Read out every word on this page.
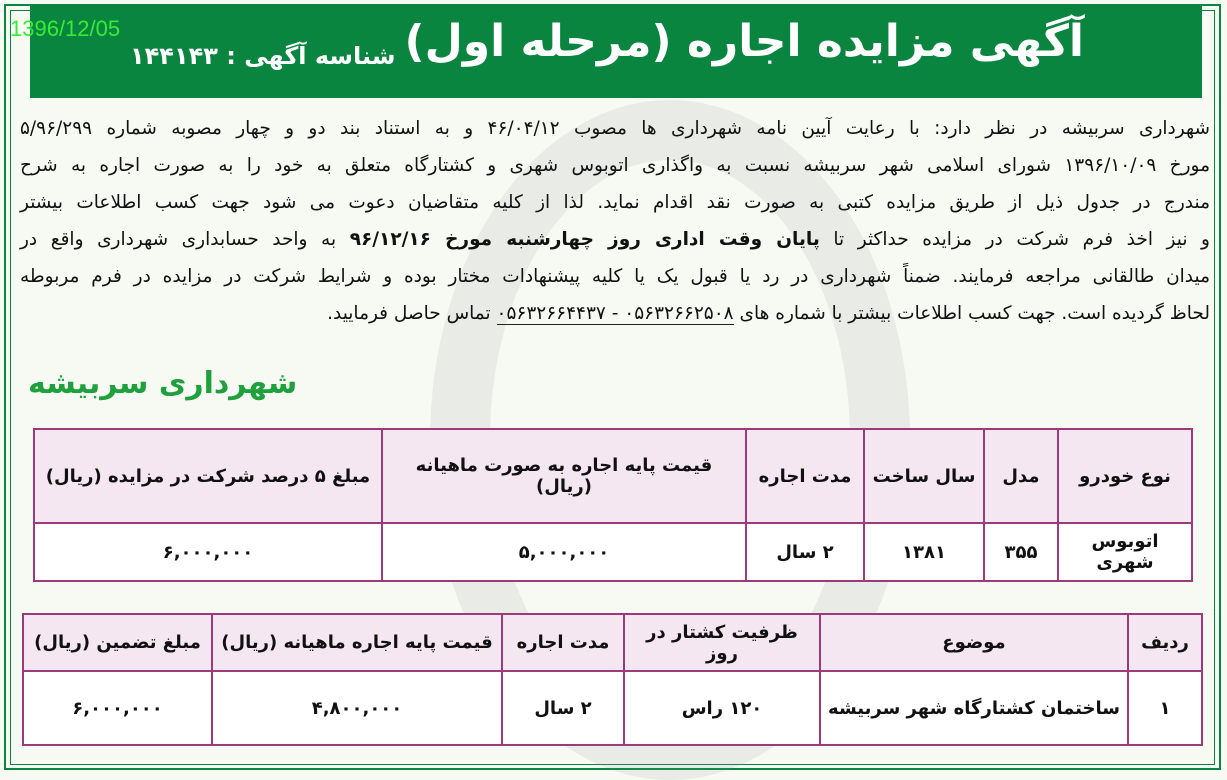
1396/12/05	آگهی مزایده اجاره (مرحله اول)
شناسه آگهی : ۱۴۴۱۴۳
شهرداری سربیشه در نظر دارد: با رعایت آیین نامه شهرداری ها مصوب ۴۶/۰۴/۱۲ و به استناد بند دو و چهار مصوبه شماره ۵/۹۶/۲۹۹
مورخ ۱۳۹۶/۱۰/۰۹ شورای اسلامی شهر سربیشه نسبت به واگذاری اتوبوس شهری و کشتارگاه متعلق به خود را به صورت اجاره به شرح
مندرج در جدول ذیل از طریق مزایده کتبی به صورت نقد اقدام نماید. لذا از کلیه متقاضیان دعوت می شود جهت کسب اطلاعات بیشتر
و نیز اخذ فرم شرکت در مزایده حداکثر تا پایان وقت اداری روز چهارشنبه مورخ ۹۶/۱۲/۱۶ به واحد حسابداری شهرداری واقع در
میدان طالقانی مراجعه فرمایند. ضمناً شهرداری در رد یا قبول یک یا کلیه پیشنهادات مختار بوده و شرایط شرکت در مزایده در فرم مربوطه
لحاظ گردیده است. جهت کسب اطلاعات بیشتر با شماره های ۰۵۶۳۲۶۶۲۵۰۸ - ۰۵۶۳۲۶۶۴۴۳۷ تماس حاصل فرمایید.
شهرداری سربیشه
نوع خودرو	مدل	سال ساخت	مدت اجاره	قیمت پایه اجاره به صورت ماهیانه (ریال)	مبلغ ۵ درصد شرکت در مزایده (ریال)
اتوبوس شهری	۳۵۵	۱۳۸۱	۲ سال	۵,۰۰۰,۰۰۰	۶,۰۰۰,۰۰۰
ردیف	موضوع	ظرفیت کشتار در روز	مدت اجاره	قیمت پایه اجاره ماهیانه (ریال)	مبلغ تضمین (ریال)
۱	ساختمان کشتارگاه شهر سربیشه	۱۲۰ راس	۲ سال	۴,۸۰۰,۰۰۰	۶,۰۰۰,۰۰۰
